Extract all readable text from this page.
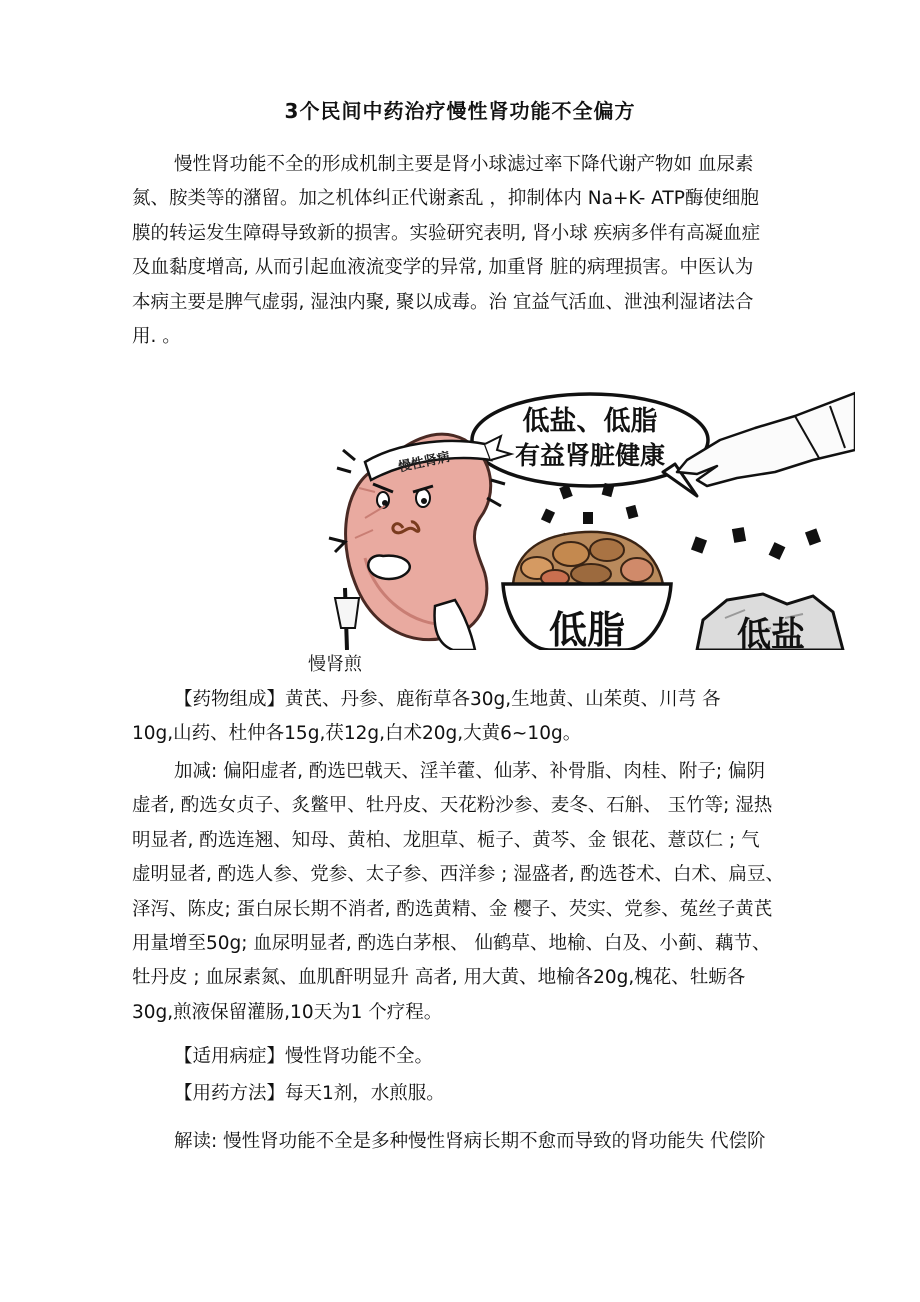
3个民间中药治疗慢性肾功能不全偏方
慢性肾功能不全的形成机制主要是肾小球滤过率下降代谢产物如 血尿素
氮、胺类等的潴留。加之机体纠正代谢紊乱 ，抑制体内 Na+K- ATP酶使细胞
膜的转运发生障碍导致新的损害。实验研究表明, 肾小球 疾病多伴有高凝血症
及血黏度增高, 从而引起血液流变学的异常, 加重肾 脏的病理损害。中医认为
本病主要是脾气虚弱, 湿浊内聚, 聚以成毒。治 宜益气活血、泄浊利湿诸法合
用. 。
低盐、低脂
有益肾脏健康
慢性肾病
低脂	低盐
慢肾煎
【药物组成】黄芪、丹参、鹿衔草各30g,生地黄、山茱萸、川芎 各
10g,山药、杜仲各15g,茯12g,白术20g,大黄6~10g。
加减: 偏阳虚者, 酌选巴戟天、淫羊藿、仙茅、补骨脂、肉桂、附子; 偏阴
虚者, 酌选女贞子、炙鳖甲、牡丹皮、天花粉沙参、麦冬、石斛、 玉竹等; 湿热
明显者, 酌选连翘、知母、黄柏、龙胆草、栀子、黄芩、金 银花、薏苡仁 ; 气
虚明显者, 酌选人参、党参、太子参、西洋参 ; 湿盛者, 酌选苍术、白术、扁豆、
泽泻、陈皮; 蛋白尿长期不消者, 酌选黄精、金 樱子、芡实、党参、菟丝子黄芪
用量增至50g; 血尿明显者, 酌选白茅根、 仙鹤草、地榆、白及、小蓟、藕节、
牡丹皮 ; 血尿素氮、血肌酐明显升 高者, 用大黄、地榆各20g,槐花、牡蛎各
30g,煎液保留灌肠,10天为1 个疗程。
【适用病症】慢性肾功能不全。
【用药方法】每天1剂，水煎服。
解读: 慢性肾功能不全是多种慢性肾病长期不愈而导致的肾功能失 代偿阶
